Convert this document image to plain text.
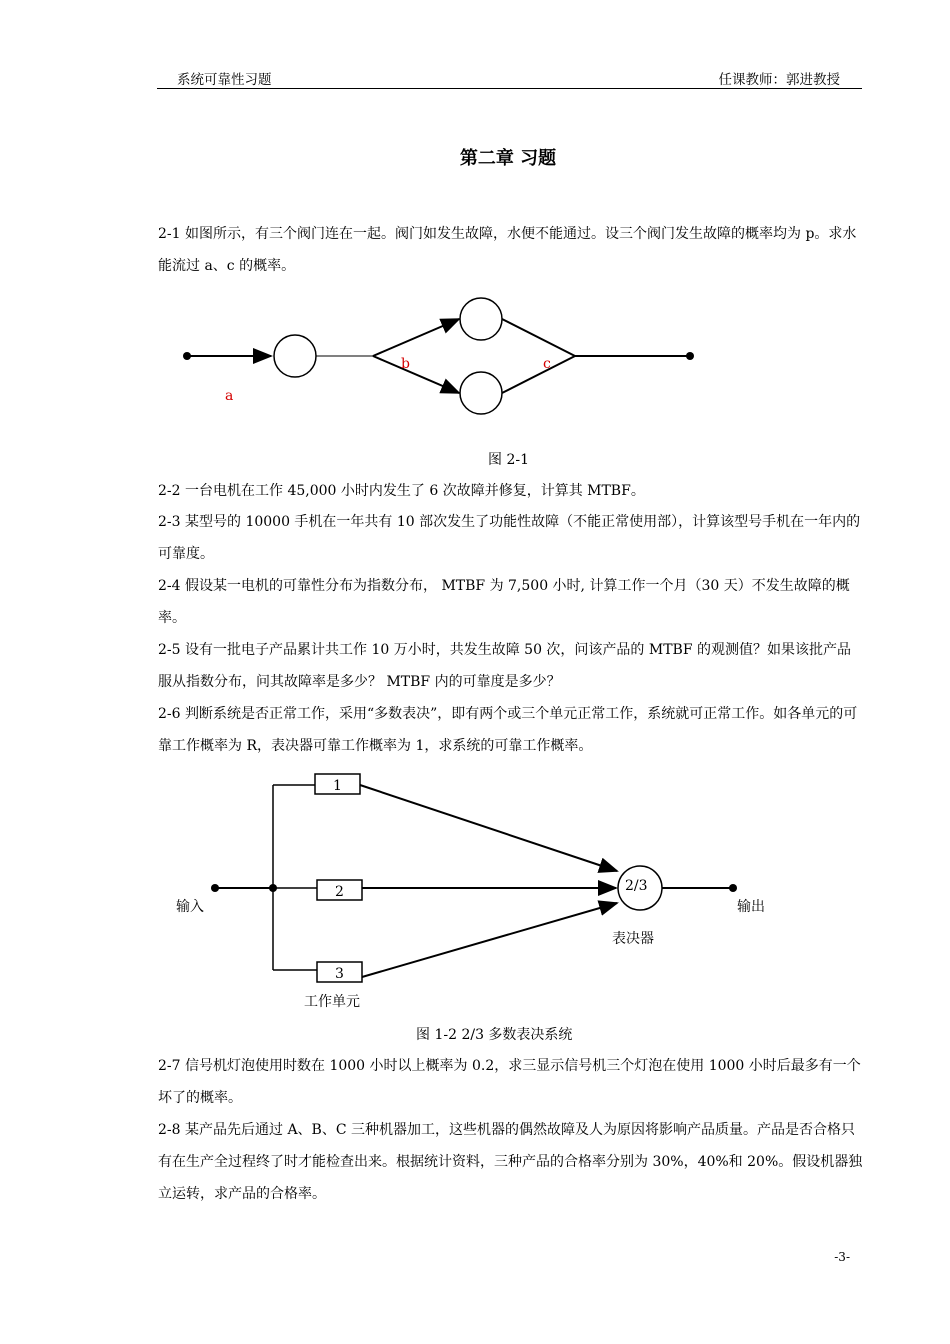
系统可靠性习题	任课教师：郭进教授
第二章 习题
2-1 如图所示，有三个阀门连在一起。阀门如发生故障，水便不能通过。设三个阀门发生故障的概率均为 p。求水能流过 a、c 的概率。
a
b	c
1
2
3
2/3
输入	输出
表决器
工作单元
图 2-1
2-2 一台电机在工作 45,000 小时内发生了 6 次故障并修复，计算其 MTBF。
2-3 某型号的 10000 手机在一年共有 10 部次发生了功能性故障（不能正常使用部），计算该型号手机在一年内的可靠度。
2-4 假设某一电机的可靠性分布为指数分布， MTBF 为 7,500 小时, 计算工作一个月（30 天）不发生故障的概率。
2-5 设有一批电子产品累计共工作 10 万小时，共发生故障 50 次，问该产品的 MTBF 的观测值？如果该批产品服从指数分布，问其故障率是多少？ MTBF 内的可靠度是多少？
2-6 判断系统是否正常工作，采用“多数表决”，即有两个或三个单元正常工作，系统就可正常工作。如各单元的可靠工作概率为 R，表决器可靠工作概率为 1，求系统的可靠工作概率。
图 1-2 2/3 多数表决系统
2-7 信号机灯泡使用时数在 1000 小时以上概率为 0.2，求三显示信号机三个灯泡在使用 1000 小时后最多有一个坏了的概率。
2-8 某产品先后通过 A、B、C 三种机器加工，这些机器的偶然故障及人为原因将影响产品质量。产品是否合格只有在生产全过程终了时才能检查出来。根据统计资料，三种产品的合格率分别为 30%，40%和 20%。假设机器独立运转，求产品的合格率。
-3-
